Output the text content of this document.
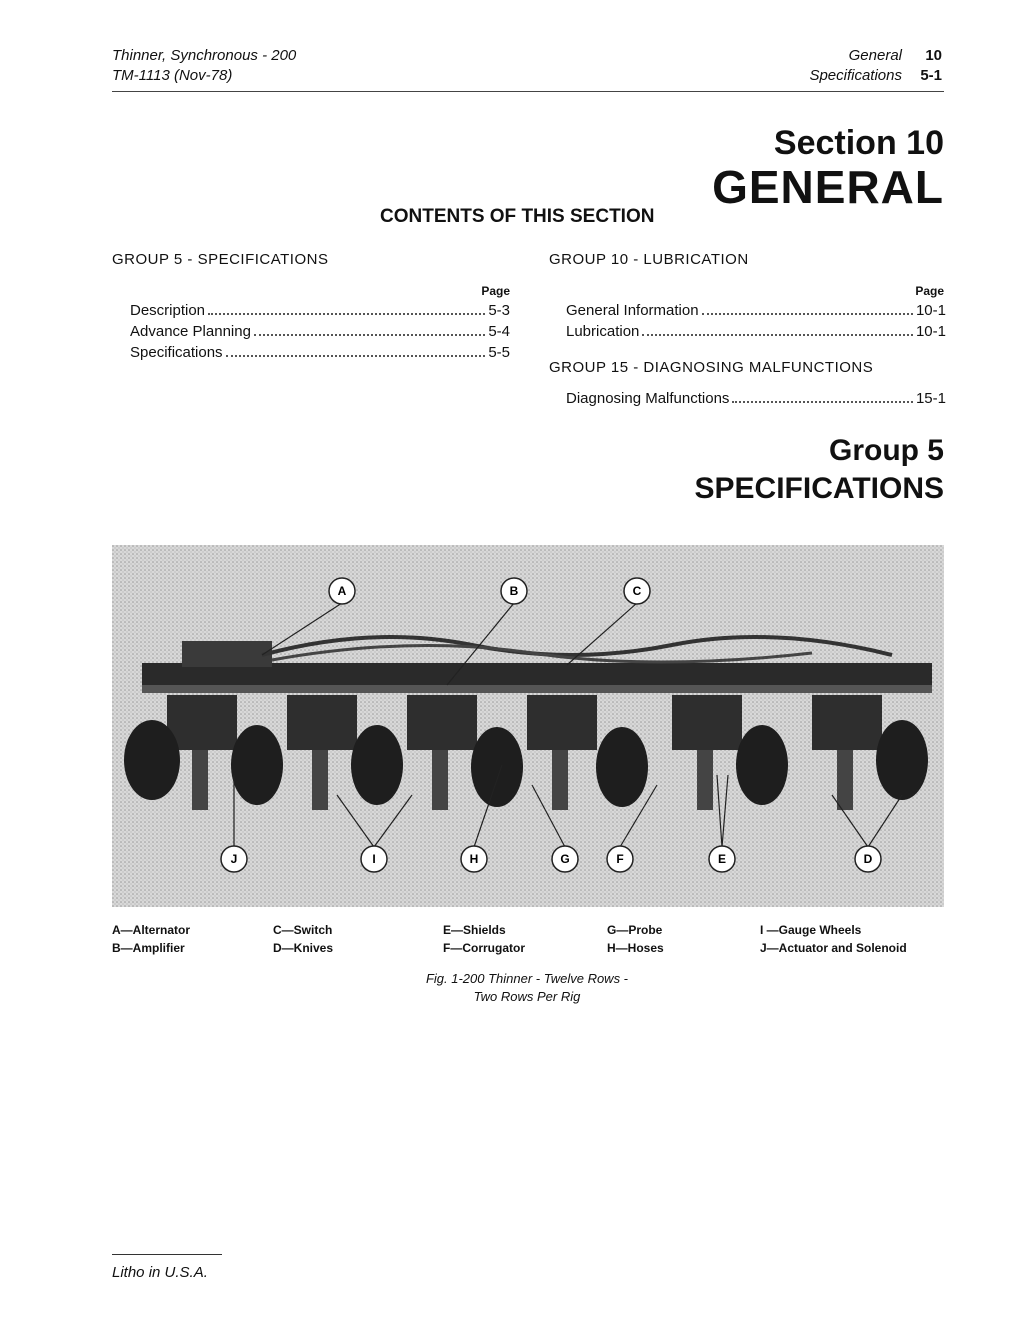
Thinner, Synchronous - 200
TM-1113 (Nov-78)
General 10
Specifications 5-1
Section 10
GENERAL
CONTENTS OF THIS SECTION
GROUP 5 - SPECIFICATIONS
Page
Description	5-3
Advance Planning	5-4
Specifications	5-5
GROUP 10 - LUBRICATION
Page
General Information	10-1
Lubrication	10-1
GROUP 15 - DIAGNOSING MALFUNCTIONS
Diagnosing Malfunctions	15-1
Group 5
SPECIFICATIONS
A	B	C
J	I	H	G	F	E	D
A—Alternator
B—Amplifier
C—Switch
D—Knives
E—Shields
F—Corrugator
G—Probe
H—Hoses
I —Gauge Wheels
J—Actuator and Solenoid
Fig. 1-200 Thinner - Twelve Rows -
Two Rows Per Rig
Litho in U.S.A.
